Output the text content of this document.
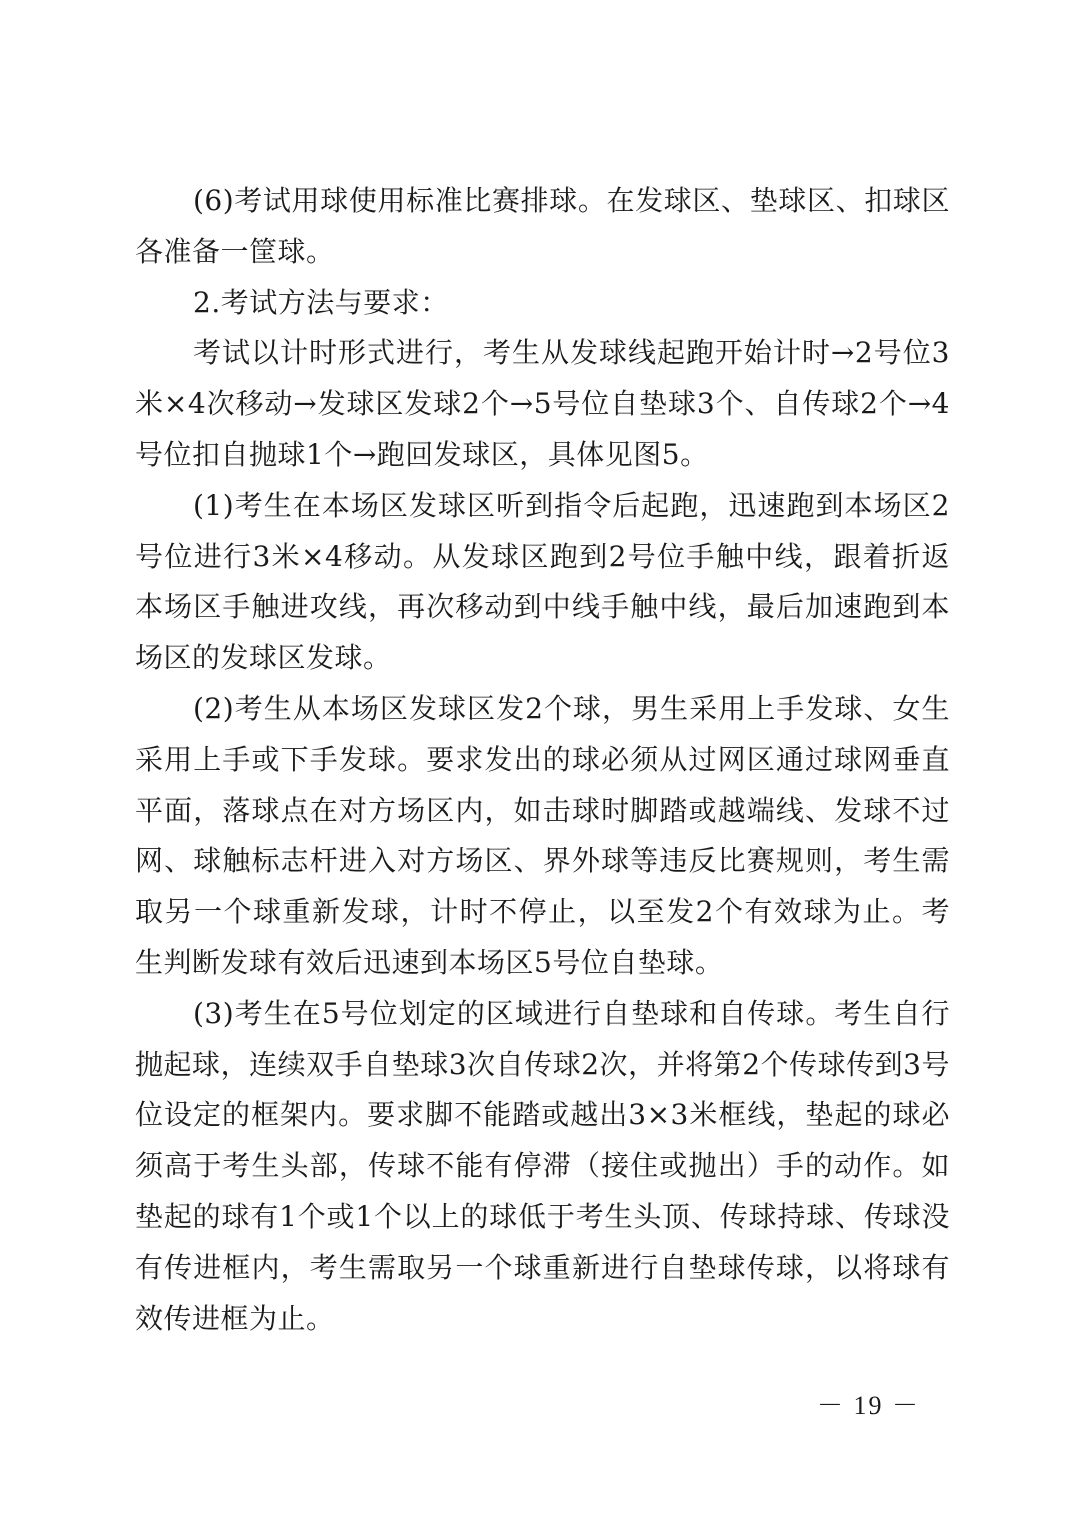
(6)考试用球使用标准比赛排球。在发球区、垫球区、扣球区各准备一筐球。

2.考试方法与要求：

考试以计时形式进行，考生从发球线起跑开始计时→2号位3米×4次移动→发球区发球2个→5号位自垫球3个、自传球2个→4号位扣自抛球1个→跑回发球区，具体见图5。

(1)考生在本场区发球区听到指令后起跑，迅速跑到本场区2号位进行3米×4移动。从发球区跑到2号位手触中线，跟着折返本场区手触进攻线，再次移动到中线手触中线，最后加速跑到本场区的发球区发球。

(2)考生从本场区发球区发2个球，男生采用上手发球、女生采用上手或下手发球。要求发出的球必须从过网区通过球网垂直平面，落球点在对方场区内，如击球时脚踏或越端线、发球不过网、球触标志杆进入对方场区、界外球等违反比赛规则，考生需取另一个球重新发球，计时不停止，以至发2个有效球为止。考生判断发球有效后迅速到本场区5号位自垫球。

(3)考生在5号位划定的区域进行自垫球和自传球。考生自行抛起球，连续双手自垫球3次自传球2次，并将第2个传球传到3号位设定的框架内。要求脚不能踏或越出3×3米框线，垫起的球必须高于考生头部，传球不能有停滞（接住或抛出）手的动作。如垫起的球有1个或1个以上的球低于考生头顶、传球持球、传球没有传进框内，考生需取另一个球重新进行自垫球传球，以将球有效传进框为止。

－ 19 －
